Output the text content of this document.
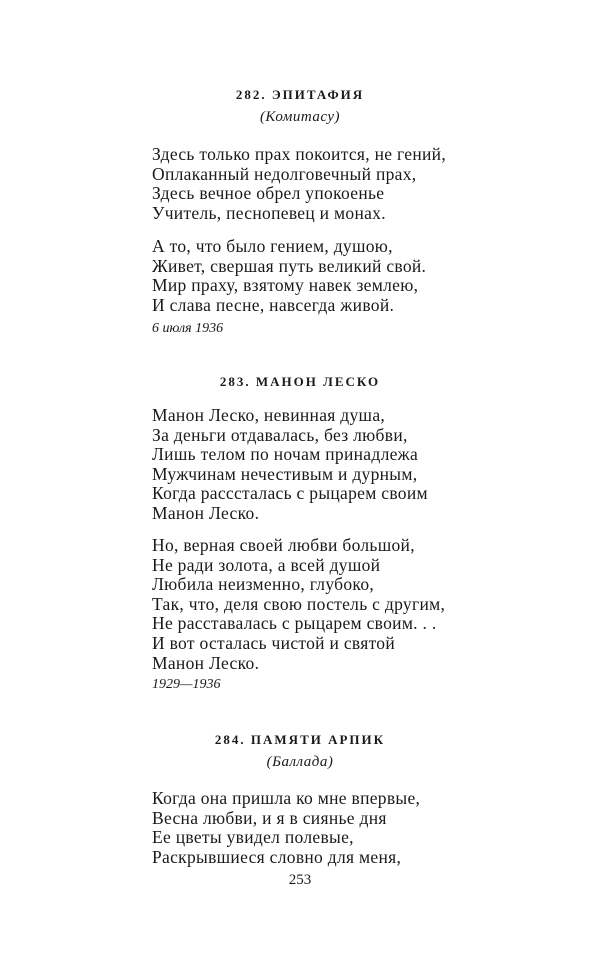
282. ЭПИТАФИЯ
(Комитасу)
Здесь только прах покоится, не гений,
Оплаканный недолговечный прах,
Здесь вечное обрел упокоенье
Учитель, песнопевец и монах.
А то, что было гением, душою,
Живет, свершая путь великий свой.
Мир праху, взятому навек землею,
И слава песне, навсегда живой.
6 июля 1936
283. МАНОН ЛЕСКО
Манон Леско, невинная душа,
За деньги отдавалась, без любви,
Лишь телом по ночам принадлежа
Мужчинам нечестивым и дурным,
Когда расссталась с рыцарем своим
Манон Леско.
Но, верная своей любви большой,
Не ради золота, а всей душой
Любила неизменно, глубоко,
Так, что, деля свою постель с другим,
Не расставалась с рыцарем своим. . .
И вот осталась чистой и святой
Манон Леско.
1929—1936
284. ПАМЯТИ АРПИК
(Баллада)
Когда она пришла ко мне впервые,
Весна любви, и я в сиянье дня
Ее цветы увидел полевые,
Раскрывшиеся словно для меня,
253
